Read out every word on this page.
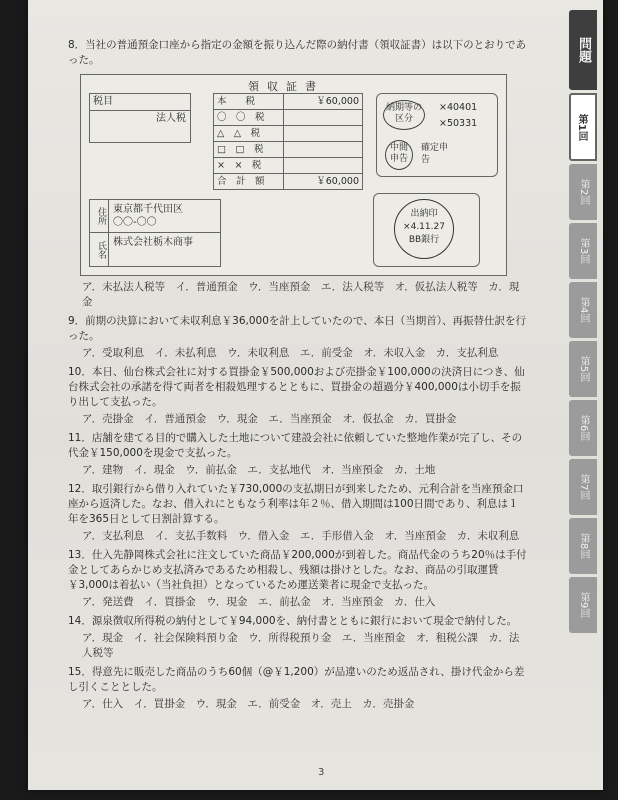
8．当社の普通預金口座から指定の金額を振り込んだ際の納付書（領収証書）は以下のとおりであった。

領収証書
税目
法人税
本　　税	￥60,000
〇　〇　税	
△　△　税	
□　□　税	
×　×　税	
合　計　額	￥60,000
納期等の区分
×40401
×50331
中間申告
確定申告
住所 東京都千代田区
〇〇-〇〇
氏名 株式会社栃木商事
出納印
×4.11.27
BB銀行
ア．未払法人税等　イ．普通預金　ウ．当座預金　エ．法人税等　オ．仮払法人税等　カ．現金

9．前期の決算において未収利息￥36,000を計上していたので、本日（当期首）、再振替仕訳を行った。

ア．受取利息　イ．未払利息　ウ．未収利息　エ．前受金　オ．未収入金　カ．支払利息

10．本日、仙台株式会社に対する買掛金￥500,000および売掛金￥100,000の決済日につき、仙台株式会社の承諾を得て両者を相殺処理するとともに、買掛金の超過分￥400,000は小切手を振り出して支払った。

ア．売掛金　イ．普通預金　ウ．現金　エ．当座預金　オ．仮払金　カ．買掛金

11．店舗を建てる目的で購入した土地について建設会社に依頼していた整地作業が完了し、その代金￥150,000を現金で支払った。

ア．建物　イ．現金　ウ．前払金　エ．支払地代　オ．当座預金　カ．土地

12．取引銀行から借り入れていた￥730,000の支払期日が到来したため、元利合計を当座預金口座から返済した。なお、借入れにともなう利率は年２％、借入期間は100日間であり、利息は１年を365日として日割計算する。

ア．支払利息　イ．支払手数料　ウ．借入金　エ．手形借入金　オ．当座預金　カ．未収利息

13．仕入先静岡株式会社に注文していた商品￥200,000が到着した。商品代金のうち20％は手付金としてあらかじめ支払済みであるため相殺し、残額は掛けとした。なお、商品の引取運賃￥3,000は着払い（当社負担）となっているため運送業者に現金で支払った。

ア．発送費　イ．買掛金　ウ．現金　エ．前払金　オ．当座預金　カ．仕入

14．源泉徴収所得税の納付として￥94,000を、納付書とともに銀行において現金で納付した。

ア．現金　イ．社会保険料預り金　ウ．所得税預り金　エ．当座預金　オ．租税公課　カ．法人税等

15．得意先に販売した商品のうち60個（@￥1,200）が品違いのため返品され、掛け代金から差し引くこととした。

ア．仕入　イ．買掛金　ウ．現金　エ．前受金　オ．売上　カ．売掛金
問題
第1回
第2回
第3回
第4回
第5回
第6回
第7回
第8回
第9回
3
